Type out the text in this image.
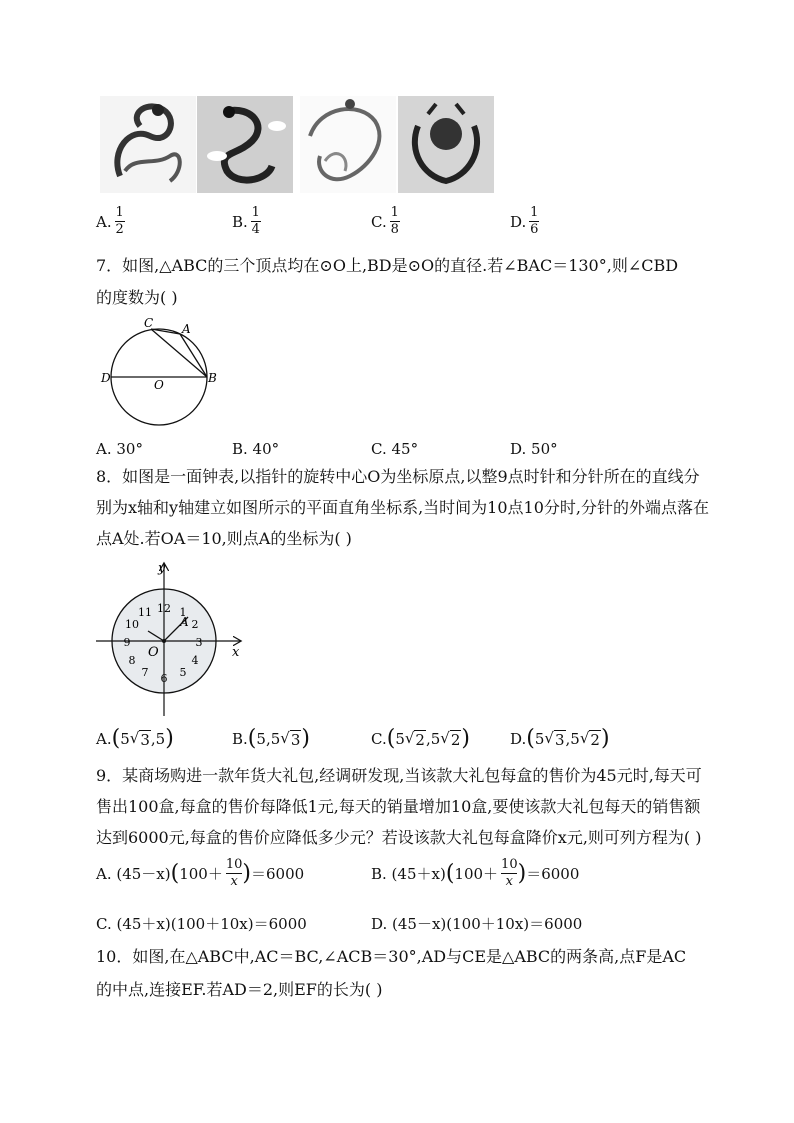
A. $\frac{1}{2}$	B. $\frac{1}{4}$	C. $\frac{1}{8}$	D. $\frac{1}{6}$
7．如图,△ABC的三个顶点均在⊙O上,BD是⊙O的直径.若∠BAC＝130°,则∠CBD
的度数为( )
C A
D	O	B
A. 30°	B. 40°	C. 45°	D. 50°
8．如图是一面钟表,以指针的旋转中心O为坐标原点,以整9点时针和分针所在的直线分
别为x轴和y轴建立如图所示的平面直角坐标系,当时间为10点10分时,分针的外端点落在
点A处.若OA＝10,则点A的坐标为( )
12 1
2
3
4
5
6
7
8
9
10
11
y
x
O
A
A. ( 5 √ 3 , 5 )	B. ( 5 , 5 √ 3 )	C. ( 5 √ 2 , 5 √ 2 )	D. ( 5 √ 3 , 5 √ 2 )
9．某商场购进一款年货大礼包,经调研发现,当该款大礼包每盒的售价为45元时,每天可
售出100盒,每盒的售价每降低1元,每天的销量增加10盒,要使该款大礼包每天的销售额
达到6000元,每盒的售价应降低多少元？若设该款大礼包每盒降价x元,则可列方程为( )
A. (45－x) ( $100+ \frac{10}{x}$ ) ＝6000	B. (45＋x) ( $100+ \frac{10}{x}$ ) ＝6000
C. (45＋x)(100＋10x)＝6000	D. (45－x)(100＋10x)＝6000
10．如图,在△ABC中,AC＝BC,∠ACB＝30°,AD与CE是△ABC的两条高,点F是AC
的中点,连接EF.若AD＝2,则EF的长为( )
